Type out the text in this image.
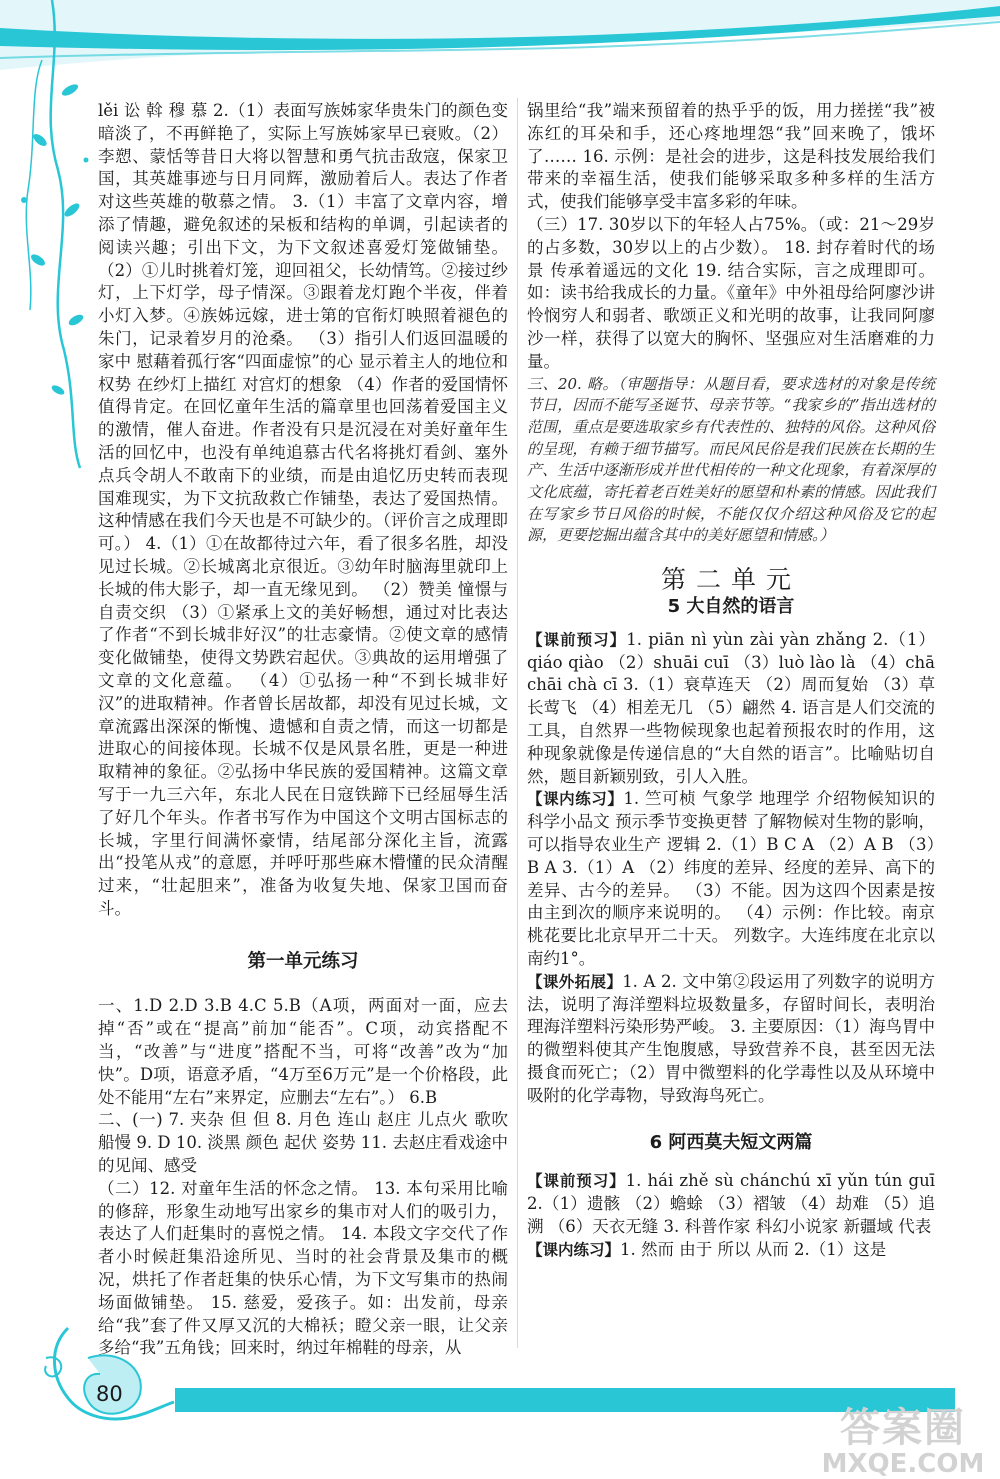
lěi 讼 斡 穆 慕 2.（1）表面写族姊家华贵朱门的颜色变暗淡了，不再鲜艳了，实际上写族姊家早已衰败。（2）李愬、蒙恬等昔日大将以智慧和勇气抗击敌寇，保家卫国，其英雄事迹与日月同辉，激励着后人。表达了作者对这些英雄的敬慕之情。 3.（1）丰富了文章内容，增添了情趣，避免叙述的呆板和结构的单调，引起读者的阅读兴趣；引出下文，为下文叙述喜爱灯笼做铺垫。 （2）①儿时挑着灯笼，迎回祖父，长幼情笃。②接过纱灯，上下灯学，母子情深。③跟着龙灯跑个半夜，伴着小灯入梦。④族姊远嫁，进士第的官衔灯映照着褪色的朱门，记录着岁月的沧桑。 （3）指引人们返回温暖的家中 慰藉着孤行客“四面虚惊”的心 显示着主人的地位和权势 在纱灯上描红 对宫灯的想象 （4）作者的爱国情怀值得肯定。在回忆童年生活的篇章里也回荡着爱国主义的激情，催人奋进。作者没有只是沉浸在对美好童年生活的回忆中，也没有单纯追慕古代名将挑灯看剑、塞外点兵令胡人不敢南下的业绩，而是由追忆历史转而表现国难现实，为下文抗敌救亡作铺垫，表达了爱国热情。这种情感在我们今天也是不可缺少的。（评价言之成理即可。） 4.（1）①在故都待过六年，看了很多名胜，却没见过长城。②长城离北京很近。③幼年时脑海里就印上长城的伟大影子，却一直无缘见到。 （2）赞美 憧憬与自责交织 （3）①紧承上文的美好畅想，通过对比表达了作者“不到长城非好汉”的壮志豪情。②使文章的感情变化做铺垫，使得文势跌宕起伏。③典故的运用增强了文章的文化意蕴。 （4）①弘扬一种“不到长城非好汉”的进取精神。作者曾长居故都，却没有见过长城，文章流露出深深的惭愧、遗憾和自责之情，而这一切都是进取心的间接体现。长城不仅是风景名胜，更是一种进取精神的象征。②弘扬中华民族的爱国精神。这篇文章写于一九三六年，东北人民在日寇铁蹄下已经屈辱生活了好几个年头。作者书写作为中国这个文明古国标志的长城，字里行间满怀豪情，结尾部分深化主旨，流露出“投笔从戎”的意愿，并呼吁那些麻木懵懂的民众清醒过来，“壮起胆来”，准备为收复失地、保家卫国而奋斗。

第一单元练习

一、1.D 2.D 3.B 4.C 5.B（A项，两面对一面，应去掉“否”或在“提高”前加“能否”。C项，动宾搭配不当，“改善”与“进度”搭配不当，可将“改善”改为“加快”。D项，语意矛盾，“4万至6万元”是一个价格段，此处不能用“左右”来界定，应删去“左右”。） 6.B

二、(一) 7. 夹杂 但 但 8. 月色 连山 赵庄 儿点火 歌吹 船慢 9. D 10. 淡黑 颜色 起伏 姿势 11. 去赵庄看戏途中的见闻、感受

（二）12. 对童年生活的怀念之情。 13. 本句采用比喻的修辞，形象生动地写出家乡的集市对人们的吸引力，表达了人们赶集时的喜悦之情。 14. 本段文字交代了作者小时候赶集沿途所见、当时的社会背景及集市的概况，烘托了作者赶集的快乐心情，为下文写集市的热闹场面做铺垫。 15. 慈爱，爱孩子。如：出发前，母亲给“我”套了件又厚又沉的大棉袄；瞪父亲一眼，让父亲多给“我”五角钱；回来时，纳过年棉鞋的母亲，从

锅里给“我”端来预留着的热乎乎的饭，用力搓搓“我”被冻红的耳朵和手，还心疼地埋怨“我”回来晚了，饿坏了…… 16. 示例：是社会的进步，这是科技发展给我们带来的幸福生活，使我们能够采取多种多样的生活方式，使我们能够享受丰富多彩的年味。

（三）17. 30岁以下的年轻人占75%。（或：21～29岁的占多数，30岁以上的占少数）。 18. 封存着时代的场景 传承着遥远的文化 19. 结合实际，言之成理即可。如：读书给我成长的力量。《童年》中外祖母给阿廖沙讲怜悯穷人和弱者、歌颂正义和光明的故事，让我同阿廖沙一样，获得了以宽大的胸怀、坚强应对生活磨难的力量。

三、20. 略。（审题指导：从题目看，要求选材的对象是传统节日，因而不能写圣诞节、母亲节等。“我家乡的”指出选材的范围，重点是要选取家乡有代表性的、独特的风俗。这种风俗的呈现，有赖于细节描写。而民风民俗是我们民族在长期的生产、生活中逐渐形成并世代相传的一种文化现象，有着深厚的文化底蕴，寄托着老百姓美好的愿望和朴素的情感。因此我们在写家乡节日风俗的时候，不能仅仅介绍这种风俗及它的起源，更要挖掘出蕴含其中的美好愿望和情感。）

第二单元
5 大自然的语言

【课前预习】1. piān nì yùn zài yàn zhǎng 2.（1）qiáo qiào （2）shuāi cuī （3）luò lào là （4）chā chāi chà cī 3.（1）衰草连天 （2）周而复始 （3）草长莺飞 （4）相差无几 （5）翩然 4. 语言是人们交流的工具，自然界一些物候现象也起着预报农时的作用，这种现象就像是传递信息的“大自然的语言”。比喻贴切自然，题目新颖别致，引人入胜。

【课内练习】1. 竺可桢 气象学 地理学 介绍物候知识的科学小品文 预示季节变换更替 了解物候对生物的影响，可以指导农业生产 逻辑 2.（1）B C A （2）A B （3）B A 3.（1）A （2）纬度的差异、经度的差异、高下的差异、古今的差异。 （3）不能。因为这四个因素是按由主到次的顺序来说明的。 （4）示例：作比较。南京桃花要比北京早开二十天。 列数字。大连纬度在北京以南约1°。

【课外拓展】1. A 2. 文中第②段运用了列数字的说明方法，说明了海洋塑料垃圾数量多，存留时间长，表明治理海洋塑料污染形势严峻。 3. 主要原因：（1）海鸟胃中的微塑料使其产生饱腹感，导致营养不良，甚至因无法摄食而死亡；（2）胃中微塑料的化学毒性以及从环境中吸附的化学毒物，导致海鸟死亡。

6 阿西莫夫短文两篇

【课前预习】1. hái zhě sù chánchú xī yǔn tún guī 2.（1）遗骸 （2）蟾蜍 （3）褶皱 （4）劫难 （5）追溯 （6）天衣无缝 3. 科普作家 科幻小说家 新疆域 代表

【课内练习】1. 然而 由于 所以 从而 2.（1）这是

80
答案圈
MXQE.COM
